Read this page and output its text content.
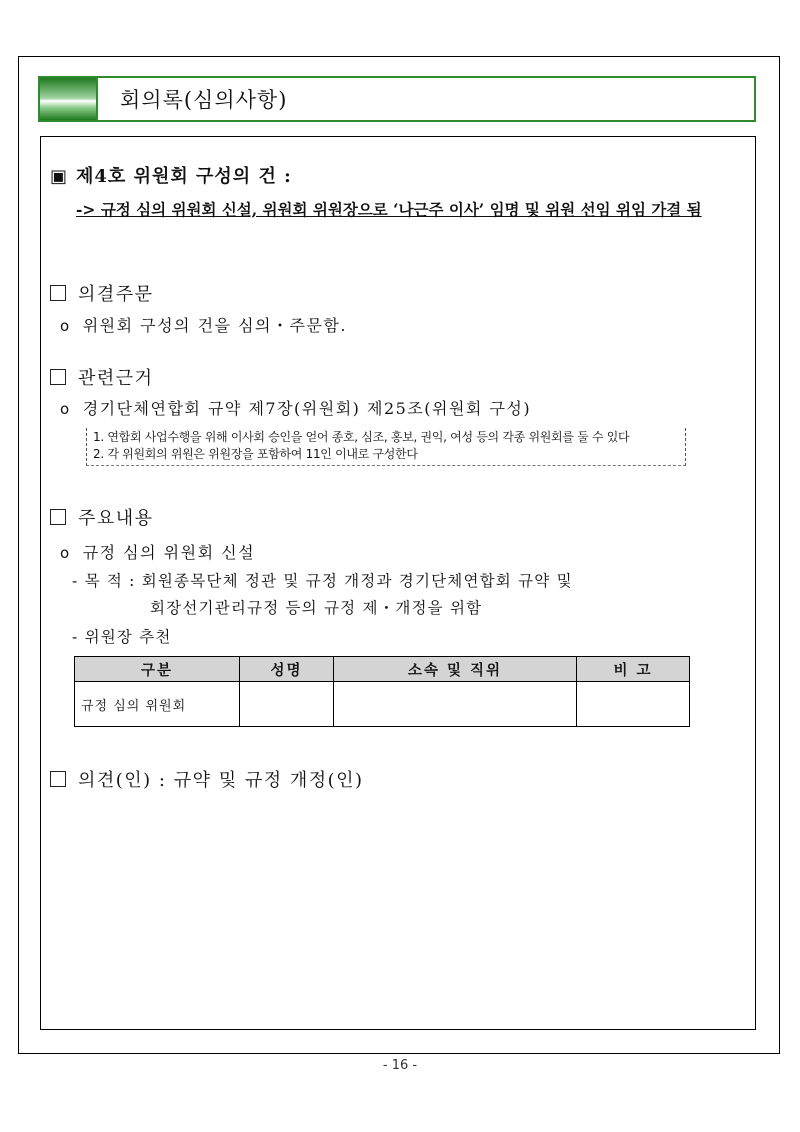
회의록(심의사항)
▣ 제4호 위원회 구성의 건 :
-> 규정 심의 위원회 신설, 위원회 위원장으로 ‘나근주 이사’ 임명 및 위원 선임 위임 가결 됨
의결주문
o 위원회 구성의 건을 심의・주문함.
관련근거
o 경기단체연합회 규약 제7장(위원회) 제25조(위원회 구성)
1. 연합회 사업수행을 위해 이사회 승인을 얻어 종호, 심조, 홍보, 권익, 여성 등의 각종 위원회를 둘 수 있다
2. 각 위원회의 위원은 위원장을 포함하여 11인 이내로 구성한다
주요내용
o 규정 심의 위원회 신설
- 목 적 : 회원종목단체 정관 및 규정 개정과 경기단체연합회 규약 및
회장선기관리규정 등의 규정 제・개정을 위함
- 위원장 추천
구분	성명	소속 및 직위	비 고
규정 심의 위원회			
의견(인) : 규약 및 규정 개정(인)
- 16 -
